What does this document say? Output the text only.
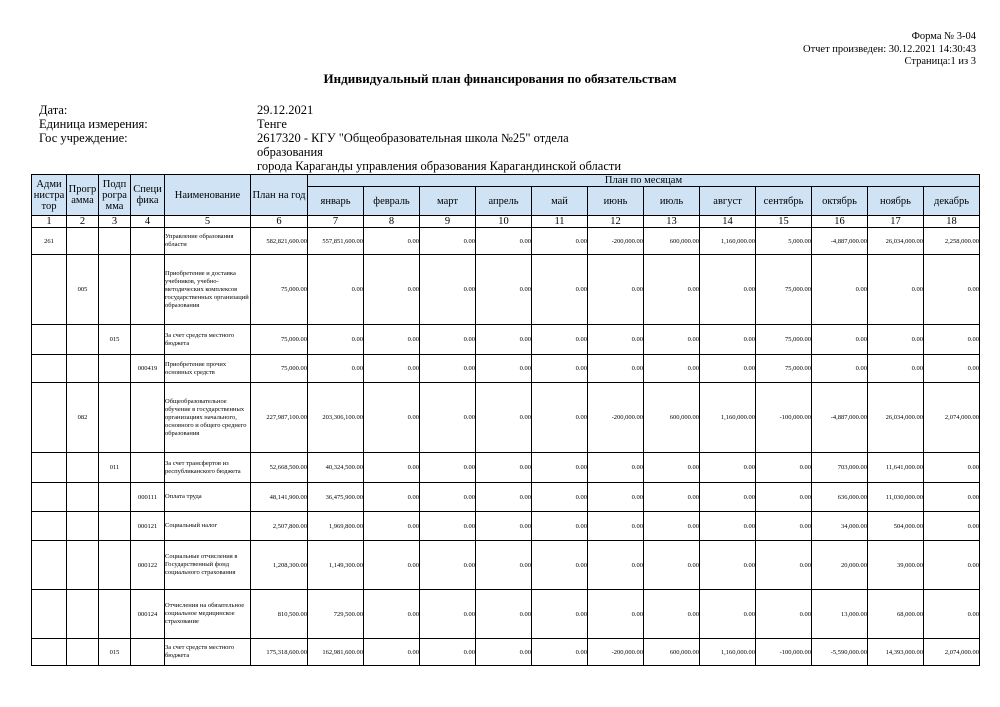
Форма № 3-04
Отчет произведен: 30.12.2021 14:30:43
Страница:1 из 3
Индивидуальный план финансирования по обязательствам
Дата:	29.12.2021
Единица измерения:	Тенге
Гос учреждение:	2617320 - КГУ "Общеобразовательная школа №25" отдела образования
города Караганды управления образования Карагандинской области
Адми нистра тор	Прогр амма	Подп рогра мма	Специ фика	Наименование	План на год	План по месяцам											
						январь	февраль	март	апрель	май	июнь	июль	август	сентябрь	октябрь	ноябрь	декабрь
1	2	3	4	5	6	7	8	9	10	11	12	13	14	15	16	17	18
261				Управление образования области	582,821,600.00	557,851,600.00	0.00	0.00	0.00	0.00	-200,000.00	600,000.00	1,160,000.00	5,000.00	-4,887,000.00	26,034,000.00	2,258,000.00
	005			Приобретение и доставка учебников, учебно-методических комплексов государственных организаций образования	75,000.00	0.00	0.00	0.00	0.00	0.00	0.00	0.00	0.00	75,000.00	0.00	0.00	0.00
		015		За счет средств местного бюджета	75,000.00	0.00	0.00	0.00	0.00	0.00	0.00	0.00	0.00	75,000.00	0.00	0.00	0.00
			000419	Приобретение прочих основных средств	75,000.00	0.00	0.00	0.00	0.00	0.00	0.00	0.00	0.00	75,000.00	0.00	0.00	0.00
	082			Общеобразовательное обучение в государственных организациях начального, основного и общего среднего образования	227,987,100.00	203,306,100.00	0.00	0.00	0.00	0.00	-200,000.00	600,000.00	1,160,000.00	-100,000.00	-4,887,000.00	26,034,000.00	2,074,000.00
		011		За счет трансфертов из республиканского бюджета	52,668,500.00	40,324,500.00	0.00	0.00	0.00	0.00	0.00	0.00	0.00	0.00	703,000.00	11,641,000.00	0.00
			000111	Оплата труда	48,141,900.00	36,475,900.00	0.00	0.00	0.00	0.00	0.00	0.00	0.00	0.00	636,000.00	11,030,000.00	0.00
			000121	Социальный налог	2,507,800.00	1,969,800.00	0.00	0.00	0.00	0.00	0.00	0.00	0.00	0.00	34,000.00	504,000.00	0.00
			000122	Социальные отчисления в Государственный фонд социального страхования	1,208,300.00	1,149,300.00	0.00	0.00	0.00	0.00	0.00	0.00	0.00	0.00	20,000.00	39,000.00	0.00
			000124	Отчисления на обязательное социальное медицинское страхование	810,500.00	729,500.00	0.00	0.00	0.00	0.00	0.00	0.00	0.00	0.00	13,000.00	68,000.00	0.00
		015		За счет средств местного бюджета	175,318,600.00	162,981,600.00	0.00	0.00	0.00	0.00	-200,000.00	600,000.00	1,160,000.00	-100,000.00	-5,590,000.00	14,393,000.00	2,074,000.00
